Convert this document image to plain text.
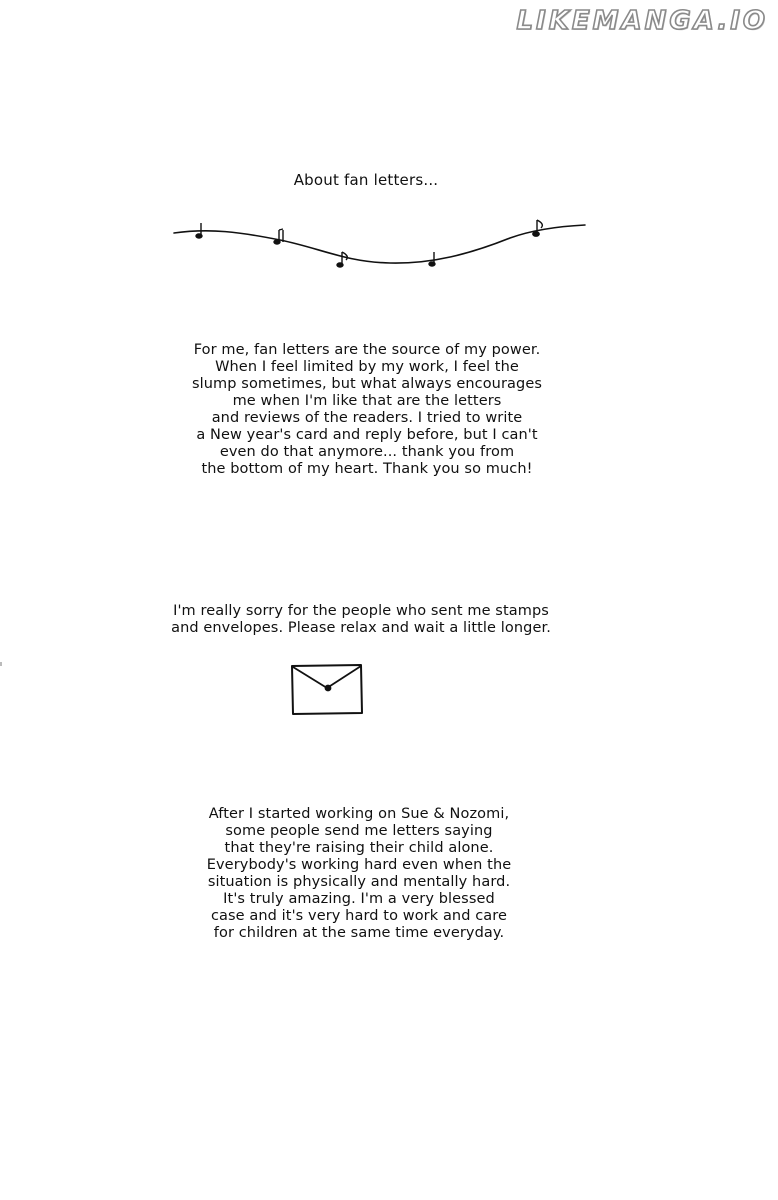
LIKEMANGA.IO
About fan letters...
For me, fan letters are the source of my power.
When I feel limited by my work, I feel the
slump sometimes, but what always encourages
me when I'm like that are the letters
and reviews of the readers. I tried to write
a New year's card and reply before, but I can't
even do that anymore... thank you from
the bottom of my heart. Thank you so much!
I'm really sorry for the people who sent me stamps
and envelopes. Please relax and wait a little longer.
After I started working on Sue & Nozomi,
some people send me letters saying
that they're raising their child alone.
Everybody's working hard even when the
situation is physically and mentally hard.
It's truly amazing. I'm a very blessed
case and it's very hard to work and care
for children at the same time everyday.
